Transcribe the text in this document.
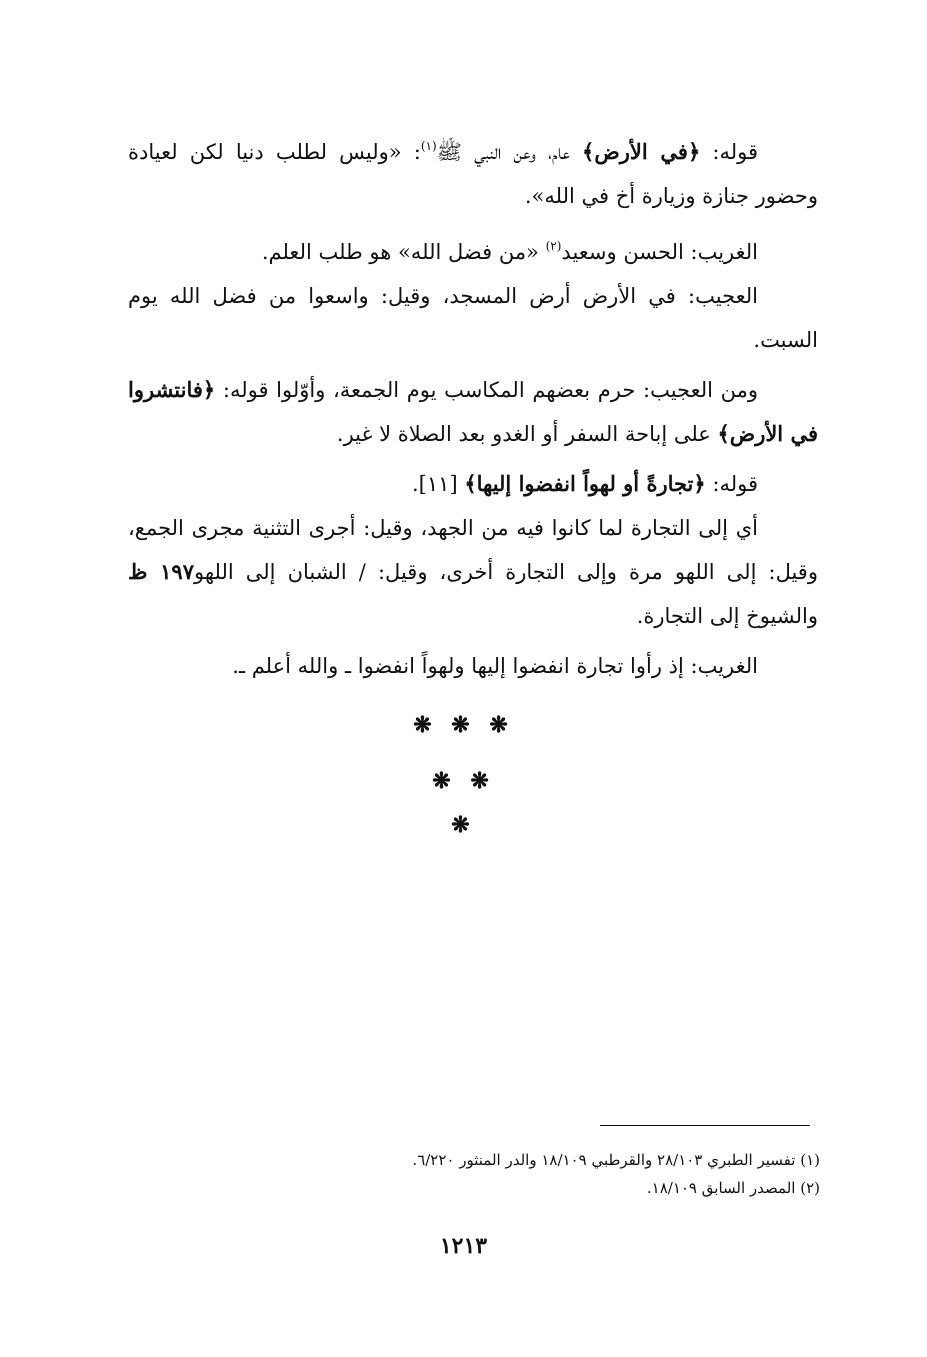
قوله: ﴿في الأرض﴾ عام، وعن النبي ﷺ$^{(١)}$: «وليس لطلب دنيا لكن لعيادة وحضور جنازة وزيارة أخ في الله».

الغريب: الحسن وسعيد$^{(٢)}$ «من فضل الله» هو طلب العلم.

العجيب: في الأرض أرض المسجد، وقيل: واسعوا من فضل الله يوم السبت.

ومن العجيب: حرم بعضهم المكاسب يوم الجمعة، وأوّلوا قوله: ﴿فانتشروا في الأرض﴾ على إباحة السفر أو الغدو بعد الصلاة لا غير.

قوله: ﴿تجارةً أو لهواً انفضوا إليها﴾ [١١].

أي إلى التجارة لما كانوا فيه من الجهد، وقيل: أجرى التثنية مجرى الجمع، وقيل: إلى اللهو مرة وإلى التجارة أخرى، وقيل: / الشبان إلى اللهو١٩٧ ظ والشيوخ إلى التجارة.

الغريب: إذ رأوا تجارة انفضوا إليها ولهواً انفضوا ـ والله أعلم ـ.

❋ ❋ ❋
❋ ❋
❋

(١) تفسير الطبري ٢٨/١٠٣ والقرطبي ١٨/١٠٩ والدر المنثور ٦/٢٢٠.

(٢) المصدر السابق ١٨/١٠٩.

١٢١٣
